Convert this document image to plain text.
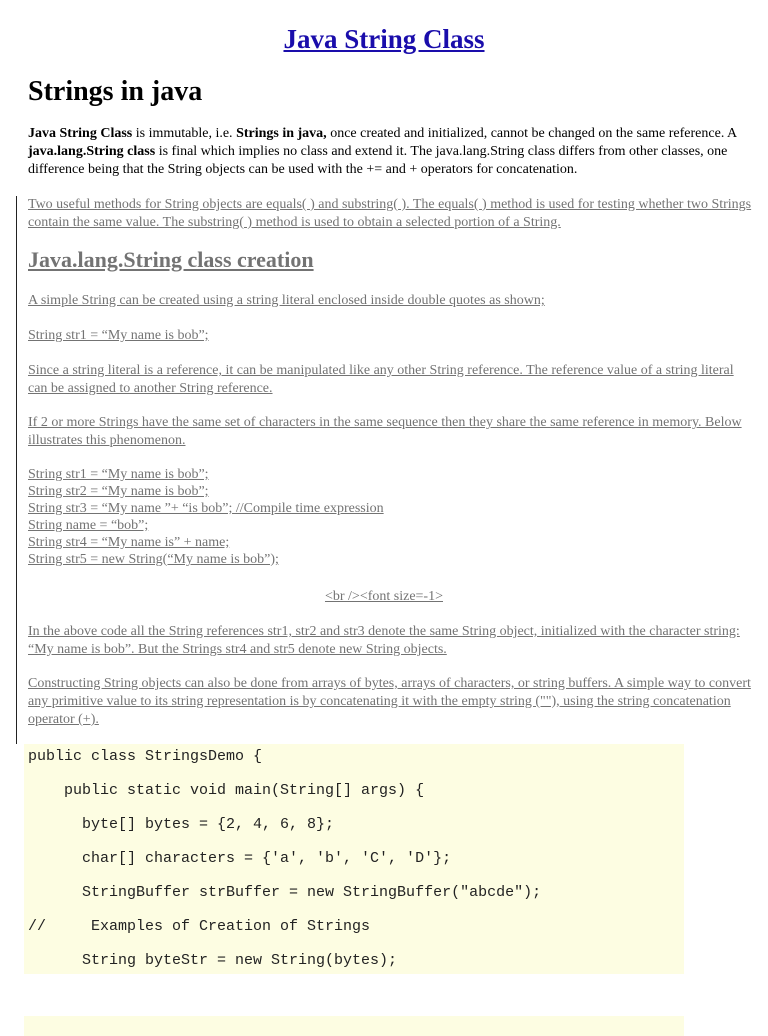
Java String Class
Strings in java

Java String Class is immutable, i.e. Strings in java, once created and initialized, cannot be changed on the same reference. A java.lang.String class is final which implies no class and extend it. The java.lang.String class differs from other classes, one difference being that the String objects can be used with the += and + operators for concatenation.

Two useful methods for String objects are equals( ) and substring( ). The equals( ) method is used for testing whether two Strings contain the same value. The substring( ) method is used to obtain a selected portion of a String.

Java.lang.String class creation

A simple String can be created using a string literal enclosed inside double quotes as shown;

String str1 = “My name is bob”;

Since a string literal is a reference, it can be manipulated like any other String reference. The reference value of a string literal can be assigned to another String reference.

If 2 or more Strings have the same set of characters in the same sequence then they share the same reference in memory. Below illustrates this phenomenon.

String str1 = “My name is bob”;
String str2 = “My name is bob”;
String str3 = “My name ”+ “is bob”; //Compile time expression
String name = “bob”;
String str4 = “My name is” + name;
String str5 = new String(“My name is bob”);
<br /><font size=-1>

In the above code all the String references str1, str2 and str3 denote the same String object, initialized with the character string: “My name is bob”. But the Strings str4 and str5 denote new String objects.

Constructing String objects can also be done from arrays of bytes, arrays of characters, or string buffers. A simple way to convert any primitive value to its string representation is by concatenating it with the empty string (""), using the string concatenation operator (+).

public class StringsDemo {
public static void main(String[] args) {
byte[] bytes = {2, 4, 6, 8};
char[] characters = {'a', 'b', 'C', 'D'};
StringBuffer strBuffer = new StringBuffer("abcde");
//     Examples of Creation of Strings
String byteStr = new String(bytes);
